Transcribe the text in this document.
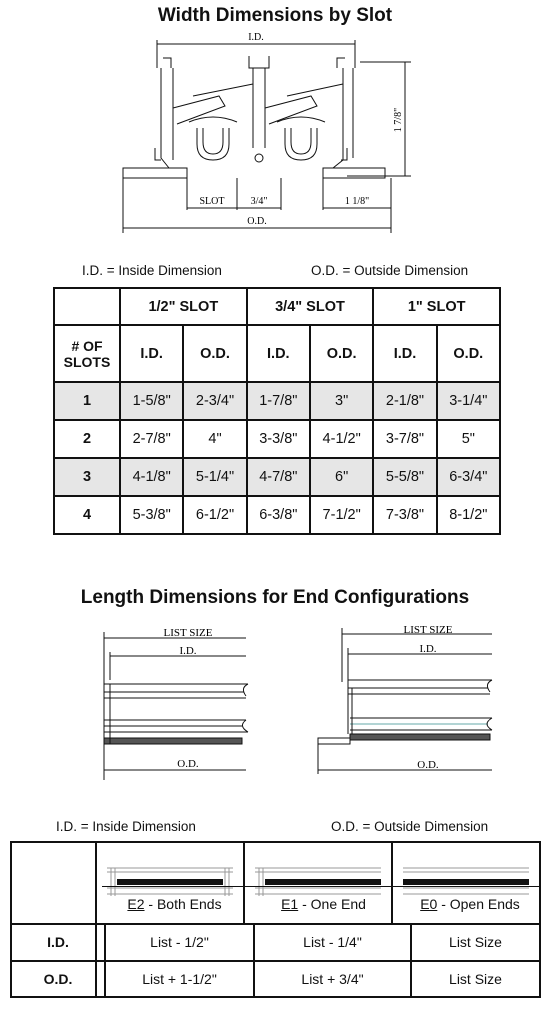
Width Dimensions by Slot
I.D.
1 7/8"
SLOT	3/4"	1 1/8"
O.D.
I.D. = Inside Dimension	O.D. = Outside Dimension
	1/2" SLOT		3/4" SLOT		1" SLOT	
# OF SLOTS	I.D.	O.D.	I.D.	O.D.	I.D.	O.D.
1	1-5/8"	2-3/4"	1-7/8"	3"	2-1/8"	3-1/4"
2	2-7/8"	4"	3-3/8"	4-1/2"	3-7/8"	5"
3	4-1/8"	5-1/4"	4-7/8"	6"	5-5/8"	6-3/4"
4	5-3/8"	6-1/2"	6-3/8"	7-1/2"	7-3/8"	8-1/2"
Length Dimensions for End Configurations
LIST SIZE
I.D.
O.D.
LIST SIZE
I.D.
O.D.
I.D. = Inside Dimension	O.D. = Outside Dimension

E2 - Both Ends	E1 - One End	E0 - Open Ends
I.D.	List - 1/2"	List - 1/4"	List Size
O.D.	List + 1-1/2"	List + 3/4"	List Size
